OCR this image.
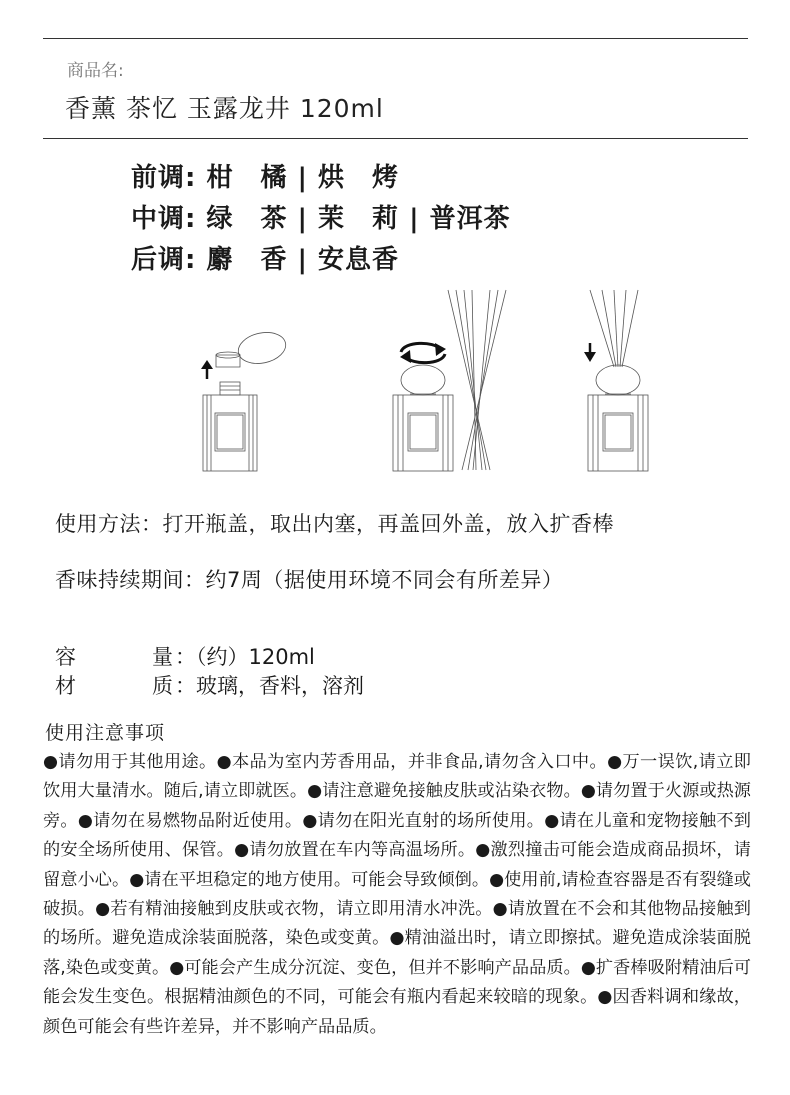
商品名:
香薰 茶忆 玉露龙井 120ml
前调: 柑　橘 | 烘　烤
中调: 绿　茶 | 茉　莉 | 普洱茶
后调: 麝　香 | 安息香
使用方法：打开瓶盖，取出内塞，再盖回外盖，放入扩香棒
香味持续期间：约7周（据使用环境不同会有所差异）
容	量 ：（约）120ml
材	质 ：玻璃，香料，溶剂
使用注意事项
●请勿用于其他用途。●本品为室内芳香用品，并非食品,请勿含入口中。●万一误饮,请立即饮用大量清水。随后,请立即就医。●请注意避免接触皮肤或沾染衣物。●请勿置于火源或热源旁。●请勿在易燃物品附近使用。●请勿在阳光直射的场所使用。●请在儿童和宠物接触不到的安全场所使用、保管。●请勿放置在车内等高温场所。●激烈撞击可能会造成商品损坏，请留意小心。●请在平坦稳定的地方使用。可能会导致倾倒。●使用前,请检查容器是否有裂缝或破损。●若有精油接触到皮肤或衣物，请立即用清水冲洗。●请放置在不会和其他物品接触到的场所。避免造成涂装面脱落，染色或变黄。●精油溢出时，请立即擦拭。避免造成涂装面脱落,染色或变黄。●可能会产生成分沉淀、变色，但并不影响产品品质。●扩香棒吸附精油后可能会发生变色。根据精油颜色的不同，可能会有瓶内看起来较暗的现象。●因香料调和缘故，颜色可能会有些许差异，并不影响产品品质。
